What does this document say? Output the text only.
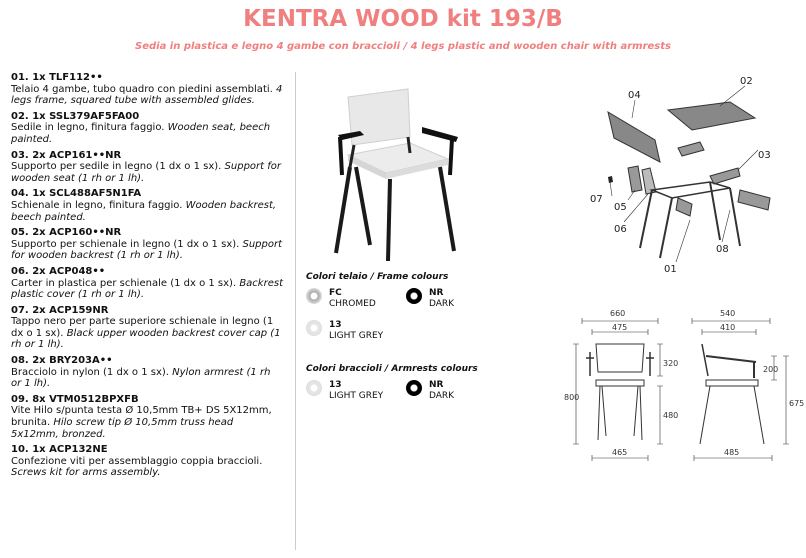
KENTRA WOOD kit 193/B
Sedia in plastica e legno 4 gambe con braccioli / 4 legs plastic and wooden chair with armrests
01. 1x TLF112••
Telaio 4 gambe, tubo quadro con piedini assemblati. 4 legs frame, squared tube with assembled glides.
02. 1x SSL379AF5FA00
Sedile in legno, finitura faggio. Wooden seat, beech painted.
03. 2x ACP161••NR
Supporto per sedile in legno (1 dx o 1 sx). Support for wooden seat (1 rh or 1 lh).
04. 1x SCL488AF5N1FA
Schienale in legno, finitura faggio. Wooden backrest, beech painted.
05. 2x ACP160••NR
Supporto per schienale in legno (1 dx o 1 sx). Support for wooden backrest (1 rh or 1 lh).
06. 2x ACP048••
Carter in plastica per schienale (1 dx o 1 sx). Backrest plastic cover (1 rh or 1 lh).
07. 2x ACP159NR
Tappo nero per parte superiore schienale in legno (1 dx o 1 sx). Black upper wooden backrest cover cap (1 rh or 1 lh).
08. 2x BRY203A••
Bracciolo in nylon (1 dx o 1 sx). Nylon armrest (1 rh or 1 lh).
09. 8x VTM0512BPXFB
Vite Hilo s/punta testa Ø 10,5mm TB+ DS 5X12mm, brunita. Hilo screw tip Ø 10,5mm truss head 5x12mm, bronzed.
10. 1x ACP132NE
Confezione viti per assemblaggio coppia braccioli. Screws kit for arms assembly.
Colori telaio / Frame colours
FC
CHROMED
NR
DARK
13
LIGHT GREY
Colori braccioli / Armrests colours
13
LIGHT GREY
NR
DARK
04
02
03
07
05
06
08
01
660
475
465
800
320
480
540
410
485
200
675
